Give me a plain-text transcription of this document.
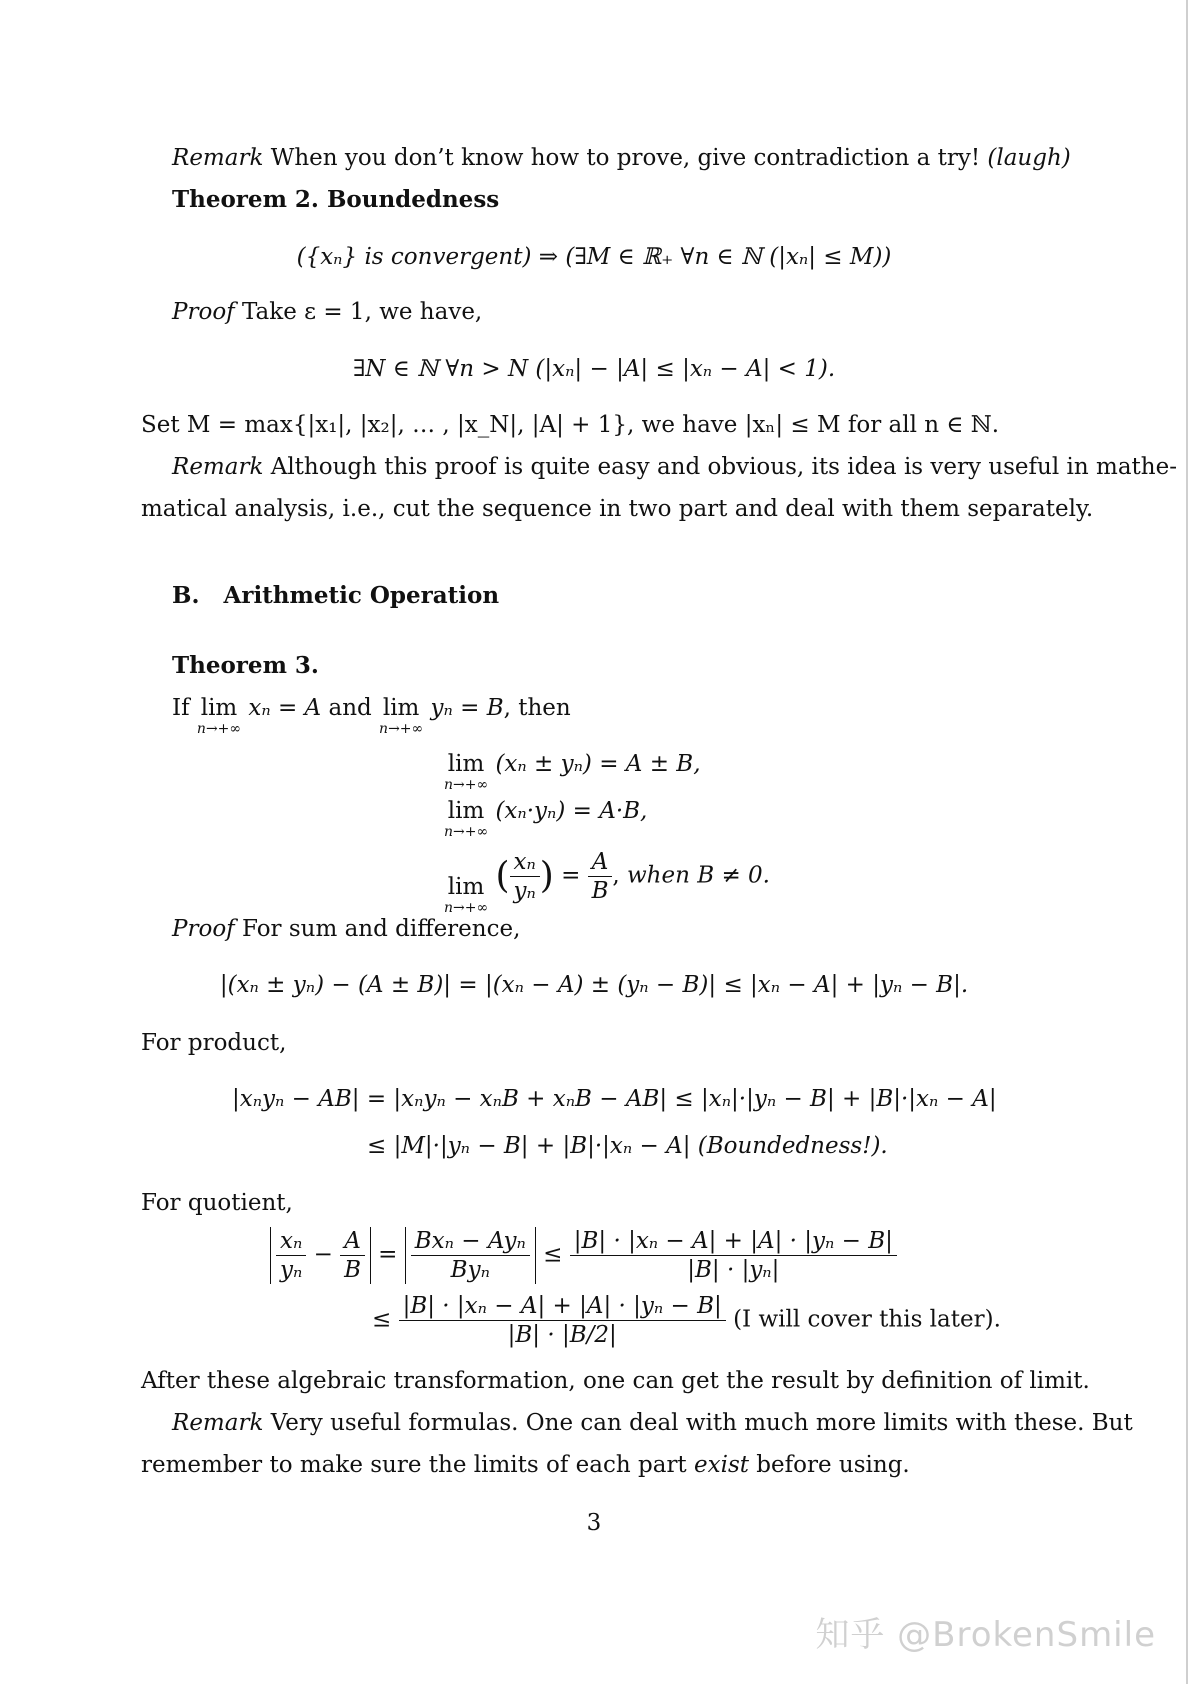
Remark When you don’t know how to prove, give contradiction a try! (laugh)
Theorem 2. Boundedness
({xₙ} is convergent) ⇒ (∃M ∈ ℝ₊ ∀n ∈ ℕ (|xₙ| ≤ M))
Proof Take ε = 1, we have,
∃N ∈ ℕ ∀n > N (|xₙ| − |A| ≤ |xₙ − A| < 1).
Set M = max{|x₁|, |x₂|, … , |x_N|, |A| + 1}, we have |xₙ| ≤ M for all n ∈ ℕ.
Remark Although this proof is quite easy and obvious, its idea is very useful in mathe-
matical analysis, i.e., cut the sequence in two part and deal with them separately.
B. Arithmetic Operation
Theorem 3.
If lim
n→+∞
xₙ = A and lim
n→+∞
yₙ = B, then
lim
n→+∞
(xₙ ± yₙ) = A ± B,
lim
n→+∞
(xₙ·yₙ) = A·B,
lim
n→+∞
( $\frac{\text{xₙ}}{\text{yₙ}}$ ) = $\frac{A}{B}$ , when B ≠ 0.
Proof For sum and difference,
|(xₙ ± yₙ) − (A ± B)| = |(xₙ − A) ± (yₙ − B)| ≤ |xₙ − A| + |yₙ − B|.
For product,
|xₙyₙ − AB| = |xₙyₙ − xₙB + xₙB − AB| ≤ |xₙ|·|yₙ − B| + |B|·|xₙ − A|
≤ |M|·|yₙ − B| + |B|·|xₙ − A| (Boundedness!).
For quotient,
$\frac{\text{xₙ}}{\text{yₙ}} - \frac{A}{B} = \frac{\text{Bxₙ − Ayₙ}}{\text{Byₙ}} \le \frac{\text{|B| · |xₙ − A| + |A| · |yₙ − B|}}{\text{|B| · |yₙ|}}$
≤ $\frac{\text{|B| · |xₙ − A| + |A| · |yₙ − B|}}{|B| \cdot |B/2|} (I$ will cover this later).
After these algebraic transformation, one can get the result by definition of limit.
Remark Very useful formulas. One can deal with much more limits with these. But
remember to make sure the limits of each part exist before using.
3
知乎 @BrokenSmile
